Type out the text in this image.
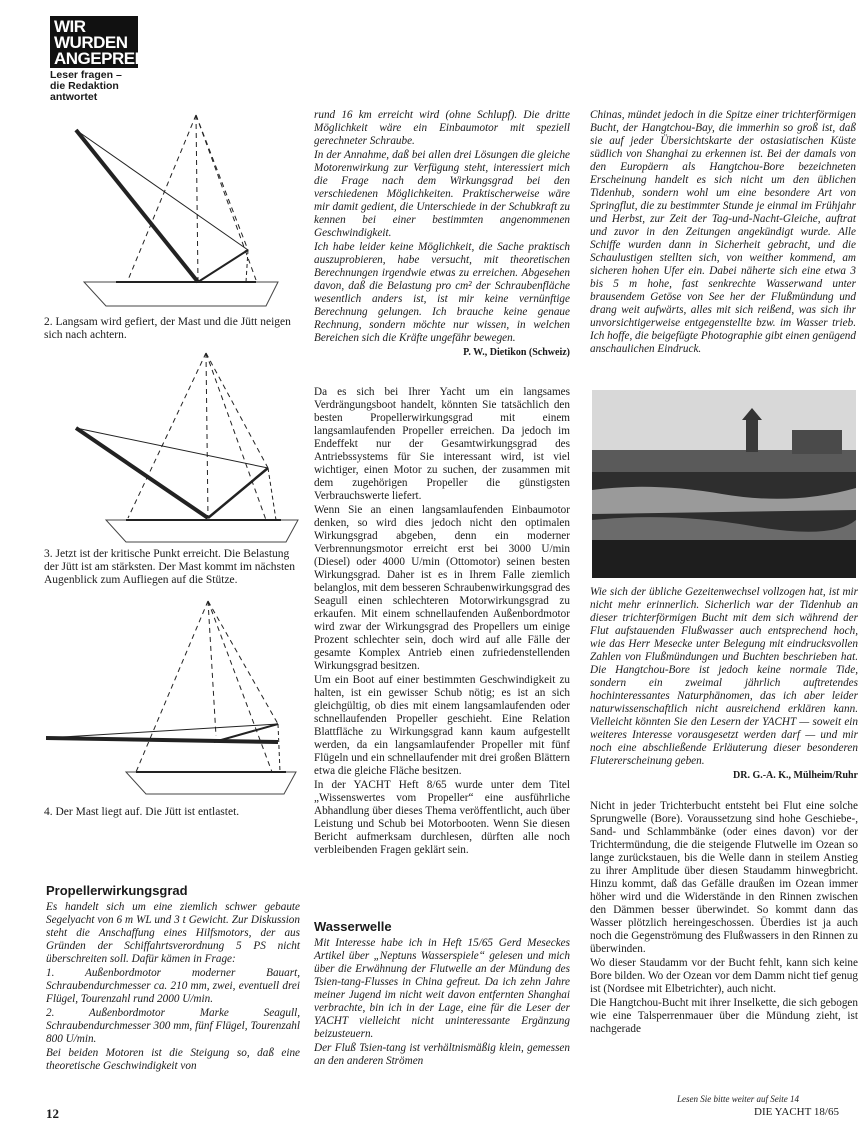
WIR
WURDEN
ANGEPREIT
Leser fragen – die Redaktion antwortet
2. Langsam wird gefiert, der Mast und die Jütt neigen sich nach achtern.
3. Jetzt ist der kritische Punkt erreicht. Die Belastung der Jütt ist am stärksten. Der Mast kommt im nächsten Augenblick zum Aufliegen auf die Stütze.
4. Der Mast liegt auf. Die Jütt ist entlastet.
Propellerwirkungsgrad

Es handelt sich um eine ziemlich schwer gebaute Segelyacht von 6 m WL und 3 t Gewicht. Zur Diskussion steht die Anschaffung eines Hilfsmotors, der aus Gründen der Schiffahrtsverordnung 5 PS nicht überschreiten soll. Dafür kämen in Frage:

1. Außenbordmotor moderner Bauart, Schraubendurchmesser ca. 210 mm, zwei, eventuell drei Flügel, Tourenzahl rund 2000 U/min.

2. Außenbordmotor Marke Seagull, Schraubendurchmesser 300 mm, fünf Flügel, Tourenzahl 800 U/min.

Bei beiden Motoren ist die Steigung so, daß eine theoretische Geschwindigkeit von

rund 16 km erreicht wird (ohne Schlupf). Die dritte Möglichkeit wäre ein Einbaumotor mit speziell gerechneter Schraube.

In der Annahme, daß bei allen drei Lösungen die gleiche Motorenwirkung zur Verfügung steht, interessiert mich die Frage nach dem Wirkungsgrad bei den verschiedenen Möglichkeiten. Praktischerweise wäre mir damit gedient, die Unterschiede in der Schubkraft zu kennen bei einer bestimmten angenommenen Geschwindigkeit.

Ich habe leider keine Möglichkeit, die Sache praktisch auszuprobieren, habe versucht, mit theoretischen Berechnungen irgendwie etwas zu erreichen. Abgesehen davon, daß die Belastung pro cm² der Schraubenfläche wesentlich anders ist, ist mir keine vernünftige Berechnung gelungen. Ich brauche keine genaue Rechnung, sondern möchte nur wissen, in welchen Bereichen sich die Kräfte ungefähr bewegen.

P. W., Dietikon (Schweiz)

Da es sich bei Ihrer Yacht um ein langsames Verdrängungsboot handelt, könnten Sie tatsächlich den besten Propellerwirkungsgrad mit einem langsamlaufenden Propeller erreichen. Da jedoch im Endeffekt nur der Gesamtwirkungsgrad des Antriebssystems für Sie interessant wird, ist viel wichtiger, einen Motor zu suchen, der zusammen mit dem zugehörigen Propeller die günstigsten Verbrauchswerte liefert.

Wenn Sie an einen langsamlaufenden Einbaumotor denken, so wird dies jedoch nicht den optimalen Wirkungsgrad abgeben, denn ein moderner Verbrennungsmotor erreicht erst bei 3000 U/min (Diesel) oder 4000 U/min (Ottomotor) seinen besten Wirkungsgrad. Daher ist es in Ihrem Falle ziemlich belanglos, mit dem besseren Schraubenwirkungsgrad des Seagull einen schlechteren Motorwirkungsgrad zu erkaufen. Mit einem schnellaufenden Außenbordmotor wird zwar der Wirkungsgrad des Propellers um einige Prozent schlechter sein, doch wird auf alle Fälle der gesamte Komplex Antrieb einen zufriedenstellenden Wirkungsgrad besitzen.

Um ein Boot auf einer bestimmten Geschwindigkeit zu halten, ist ein gewisser Schub nötig; es ist an sich gleichgültig, ob dies mit einem langsamlaufenden oder schnellaufenden Propeller geschieht. Eine Relation Blattfläche zu Wirkungsgrad kann kaum aufgestellt werden, da ein langsamlaufender Propeller mit fünf Flügeln und ein schnellaufender mit drei großen Blättern etwa die gleiche Fläche besitzen.

In der YACHT Heft 8/65 wurde unter dem Titel „Wissenswertes vom Propeller“ eine ausführliche Abhandlung über dieses Thema veröffentlicht, auch über Leistung und Schub bei Motorbooten. Wenn Sie diesen Bericht aufmerksam durchlesen, dürften alle noch verbleibenden Fragen geklärt sein.

Wasserwelle

Mit Interesse habe ich in Heft 15/65 Gerd Meseckes Artikel über „Neptuns Wasserspiele“ gelesen und mich über die Erwähnung der Flutwelle an der Mündung des Tsien-tang-Flusses in China gefreut. Da ich zehn Jahre meiner Jugend im nicht weit davon entfernten Shanghai verbrachte, bin ich in der Lage, eine für die Leser der YACHT vielleicht nicht uninteressante Ergänzung beizusteuern.

Der Fluß Tsien-tang ist verhältnismäßig klein, gemessen an den anderen Strömen

Chinas, mündet jedoch in die Spitze einer trichterförmigen Bucht, der Hangtchou-Bay, die immerhin so groß ist, daß sie auf jeder Übersichtskarte der ostasiatischen Küste südlich von Shanghai zu erkennen ist. Bei der damals von den Europäern als Hangtchou-Bore bezeichneten Erscheinung handelt es sich nicht um den üblichen Tidenhub, sondern wohl um eine besondere Art von Springflut, die zu bestimmter Stunde je einmal im Frühjahr und Herbst, zur Zeit der Tag-und-Nacht-Gleiche, auftrat und zuvor in den Zeitungen angekündigt wurde. Alle Schiffe wurden dann in Sicherheit gebracht, und die Schaulustigen stellten sich, von weither kommend, am sicheren hohen Ufer ein. Dabei näherte sich eine etwa 3 bis 5 m hohe, fast senkrechte Wasserwand unter brausendem Getöse von See her der Flußmündung und drang weit aufwärts, alles mit sich reißend, was sich ihr unvorsichtigerweise entgegenstellte bzw. im Wasser trieb. Ich hoffe, die beigefügte Photographie gibt einen genügend anschaulichen Eindruck.

Wie sich der übliche Gezeitenwechsel vollzogen hat, ist mir nicht mehr erinnerlich. Sicherlich war der Tidenhub an dieser trichterförmigen Bucht mit dem sich während der Flut aufstauenden Flußwasser auch entsprechend hoch, wie das Herr Mesecke unter Belegung mit eindrucksvollen Zahlen von Flußmündungen und Buchten beschrieben hat. Die Hangtchou-Bore ist jedoch keine normale Tide, sondern ein zweimal jährlich auftretendes hochinteressantes Naturphänomen, das ich aber leider naturwissenschaftlich nicht ausreichend erklären kann. Vielleicht könnten Sie den Lesern der YACHT — soweit ein weiteres Interesse vorausgesetzt werden darf — und mir noch eine abschließende Erläuterung dieser besonderen Flutererscheinung geben.

DR. G.-A. K., Mülheim/Ruhr

Nicht in jeder Trichterbucht entsteht bei Flut eine solche Sprungwelle (Bore). Voraussetzung sind hohe Geschiebe-, Sand- und Schlammbänke (oder eines davon) vor der Trichtermündung, die die steigende Flutwelle im Ozean so lange zurückstauen, bis die Welle dann in steilem Anstieg zu ihrer Amplitude über diesen Staudamm hinwegbricht. Hinzu kommt, daß das Gefälle draußen im Ozean immer höher wird und die Widerstände in den Rinnen zwischen den Dämmen besser überwindet. So kommt dann das Wasser plötzlich hereingeschossen. Überdies ist ja auch noch die Gegenströmung des Flußwassers in den Rinnen zu überwinden.

Wo dieser Staudamm vor der Bucht fehlt, kann sich keine Bore bilden. Wo der Ozean vor dem Damm nicht tief genug ist (Nordsee mit Elbetrichter), auch nicht.

Die Hangtchou-Bucht mit ihrer Inselkette, die sich gebogen wie eine Talsperrenmauer über die Mündung zieht, ist nachgerade

Lesen Sie bitte weiter auf Seite 14
12	DIE YACHT 18/65
